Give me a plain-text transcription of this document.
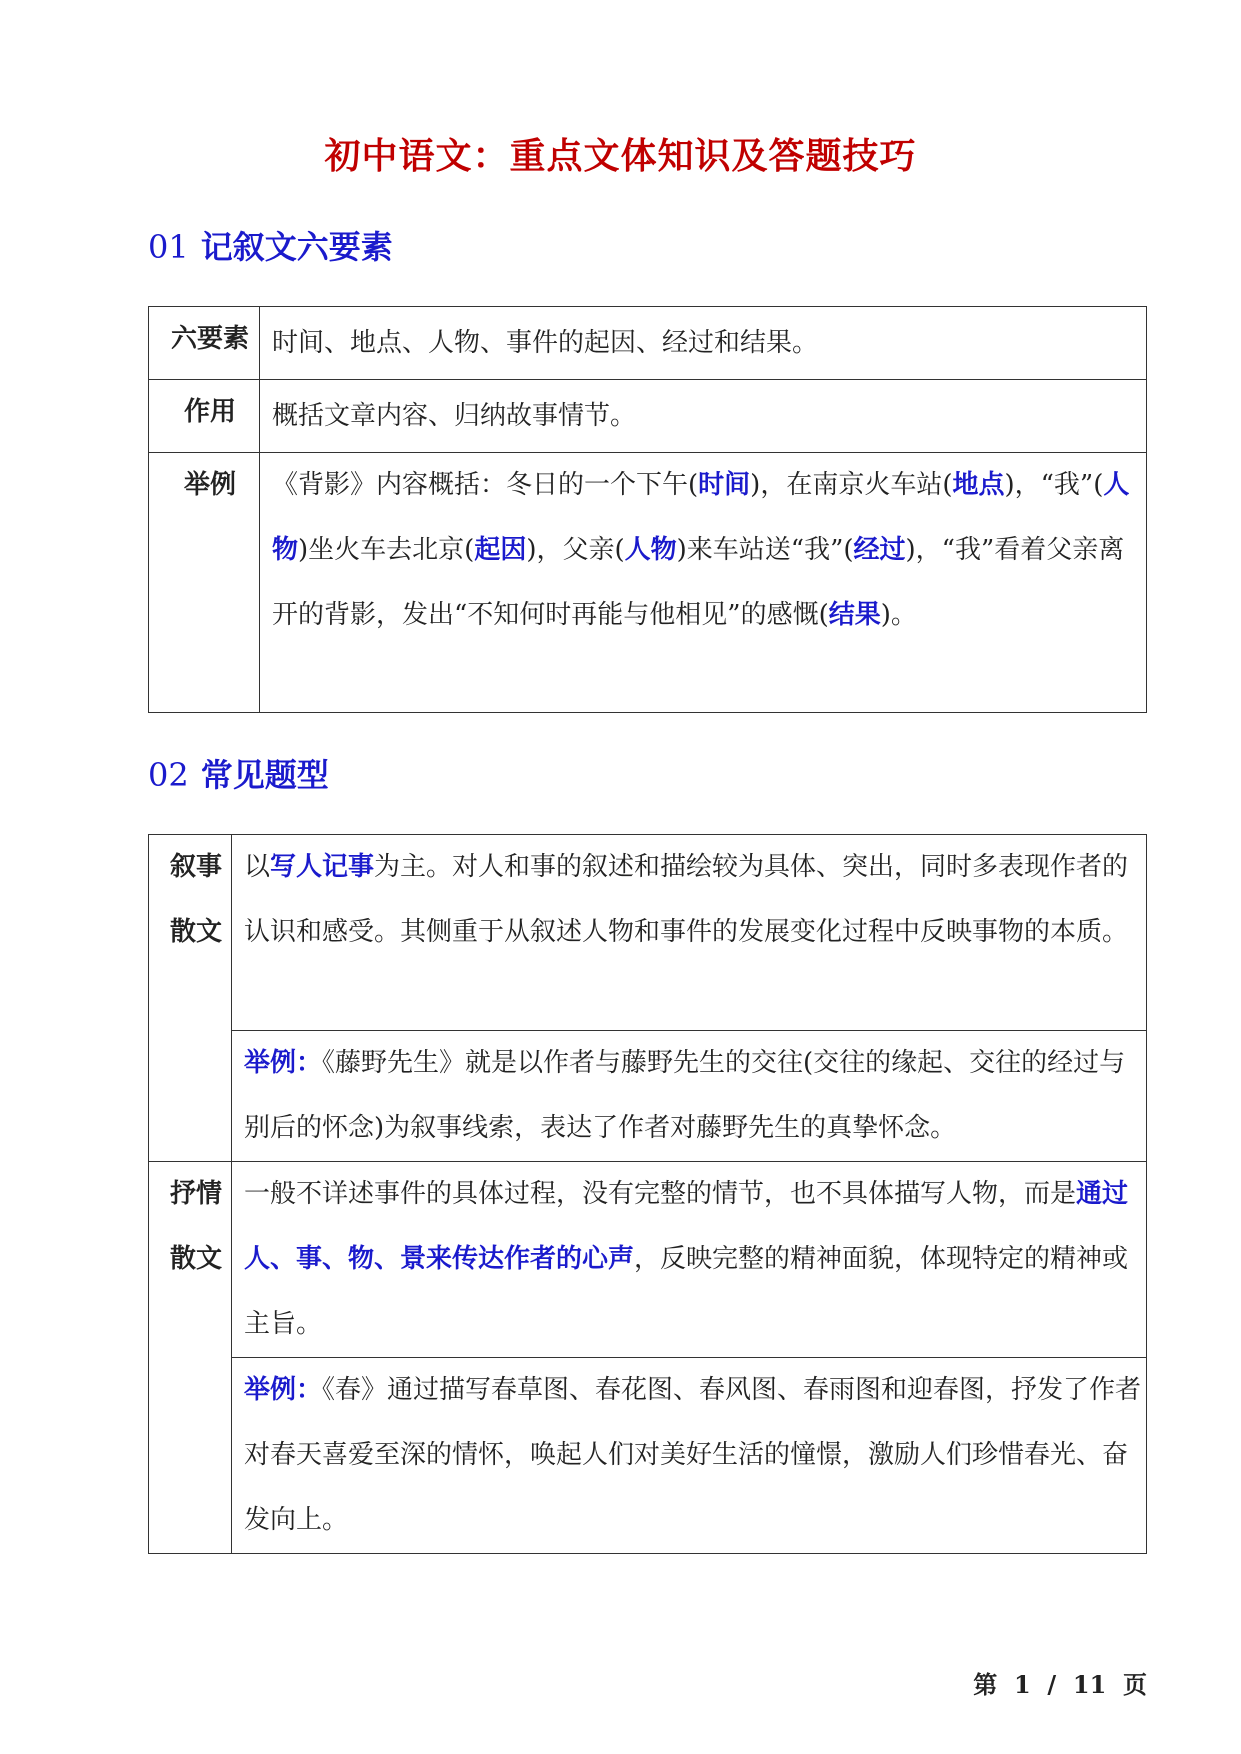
初中语文：重点文体知识及答题技巧
01 记叙文六要素
六要素	时间、地点、人物、事件的起因、经过和结果。
作用	概括文章内容、归纳故事情节。
举例	《背影》内容概括：冬日的一个下午(时间)，在南京火车站(地点)，“我”(人物)坐火车去北京(起因)，父亲(人物)来车站送“我”(经过)，“我”看着父亲离开的背影，发出“不知何时再能与他相见”的感慨(结果)。
02 常见题型
叙事
散文	以写人记事为主。对人和事的叙述和描绘较为具体、突出，同时多表现作者的认识和感受。其侧重于从叙述人物和事件的发展变化过程中反映事物的本质。
	举例：《藤野先生》就是以作者与藤野先生的交往(交往的缘起、交往的经过与别后的怀念)为叙事线索，表达了作者对藤野先生的真挚怀念。
抒情
散文	一般不详述事件的具体过程，没有完整的情节，也不具体描写人物，而是通过人、事、物、景来传达作者的心声，反映完整的精神面貌，体现特定的精神或主旨。
	举例：《春》通过描写春草图、春花图、春风图、春雨图和迎春图，抒发了作者对春天喜爱至深的情怀，唤起人们对美好生活的憧憬，激励人们珍惜春光、奋发向上。
第 1 / 11 页
